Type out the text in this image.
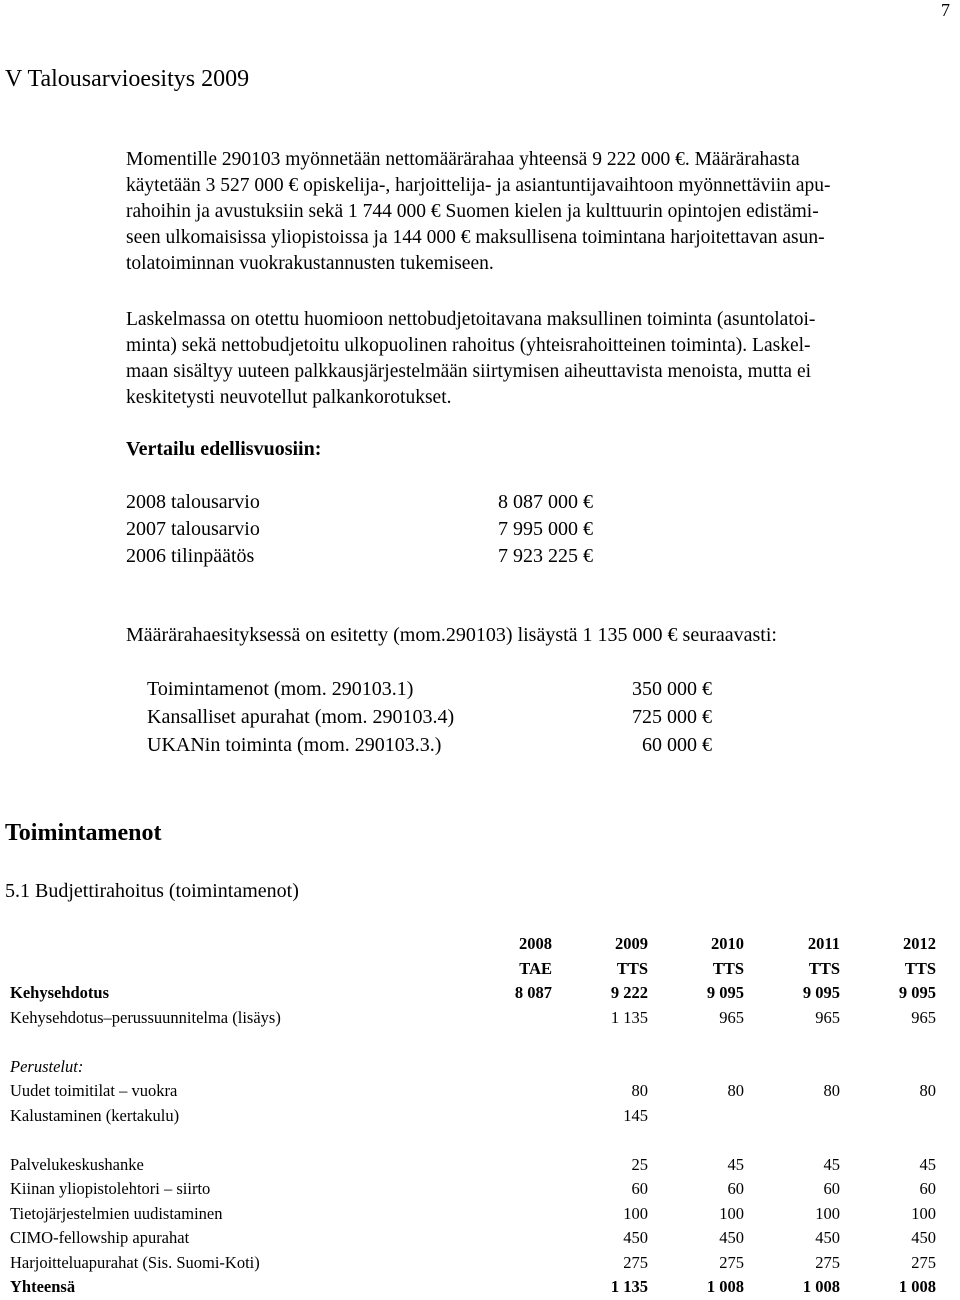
7
V Talousarvioesitys 2009
Momentille 290103 myönnetään nettomäärärahaa yhteensä 9 222 000 €. Määrärahasta
käytetään 3 527 000 € opiskelija-, harjoittelija- ja asiantuntijavaihtoon myönnettäviin apu-
rahoihin ja avustuksiin sekä 1 744 000 € Suomen kielen ja kulttuurin opintojen edistämi-
seen ulkomaisissa yliopistoissa ja 144 000 € maksullisena toimintana harjoitettavan asun-
tolatoiminnan vuokrakustannusten tukemiseen.
Laskelmassa on otettu huomioon nettobudjetoitavana maksullinen toiminta (asuntolatoi-
minta) sekä nettobudjetoitu ulkopuolinen rahoitus (yhteisrahoitteinen toiminta). Laskel-
maan sisältyy uuteen palkkausjärjestelmään siirtymisen aiheuttavista menoista, mutta ei
keskitetysti neuvotellut palkankorotukset.
Vertailu edellisvuosiin:
2008 talousarvio	8 087 000 €
2007 talousarvio	7 995 000 €
2006 tilinpäätös	7 923 225 €
Määrärahaesityksessä on esitetty (mom.290103) lisäystä 1 135 000 € seuraavasti:
Toimintamenot (mom. 290103.1)	350 000 €
Kansalliset apurahat (mom. 290103.4)	725 000 €
UKANin toiminta (mom. 290103.3.)	60 000 €
Toimintamenot
5.1 Budjettirahoitus (toimintamenot)
	2008	2009	2010	2011	2012
	TAE	TTS	TTS	TTS	TTS
Kehysehdotus	8 087	9 222	9 095	9 095	9 095
Kehysehdotus–perussuunnitelma (lisäys)		1 135	965	965	965

Perustelut:					
Uudet toimitilat – vuokra		80	80	80	80
Kalustaminen (kertakulu)		145			

Palvelukeskushanke		25	45	45	45
Kiinan yliopistolehtori – siirto		60	60	60	60
Tietojärjestelmien uudistaminen		100	100	100	100
CIMO-fellowship apurahat		450	450	450	450
Harjoitteluapurahat (Sis. Suomi-Koti)		275	275	275	275
Yhteensä		1 135	1 008	1 008	1 008
